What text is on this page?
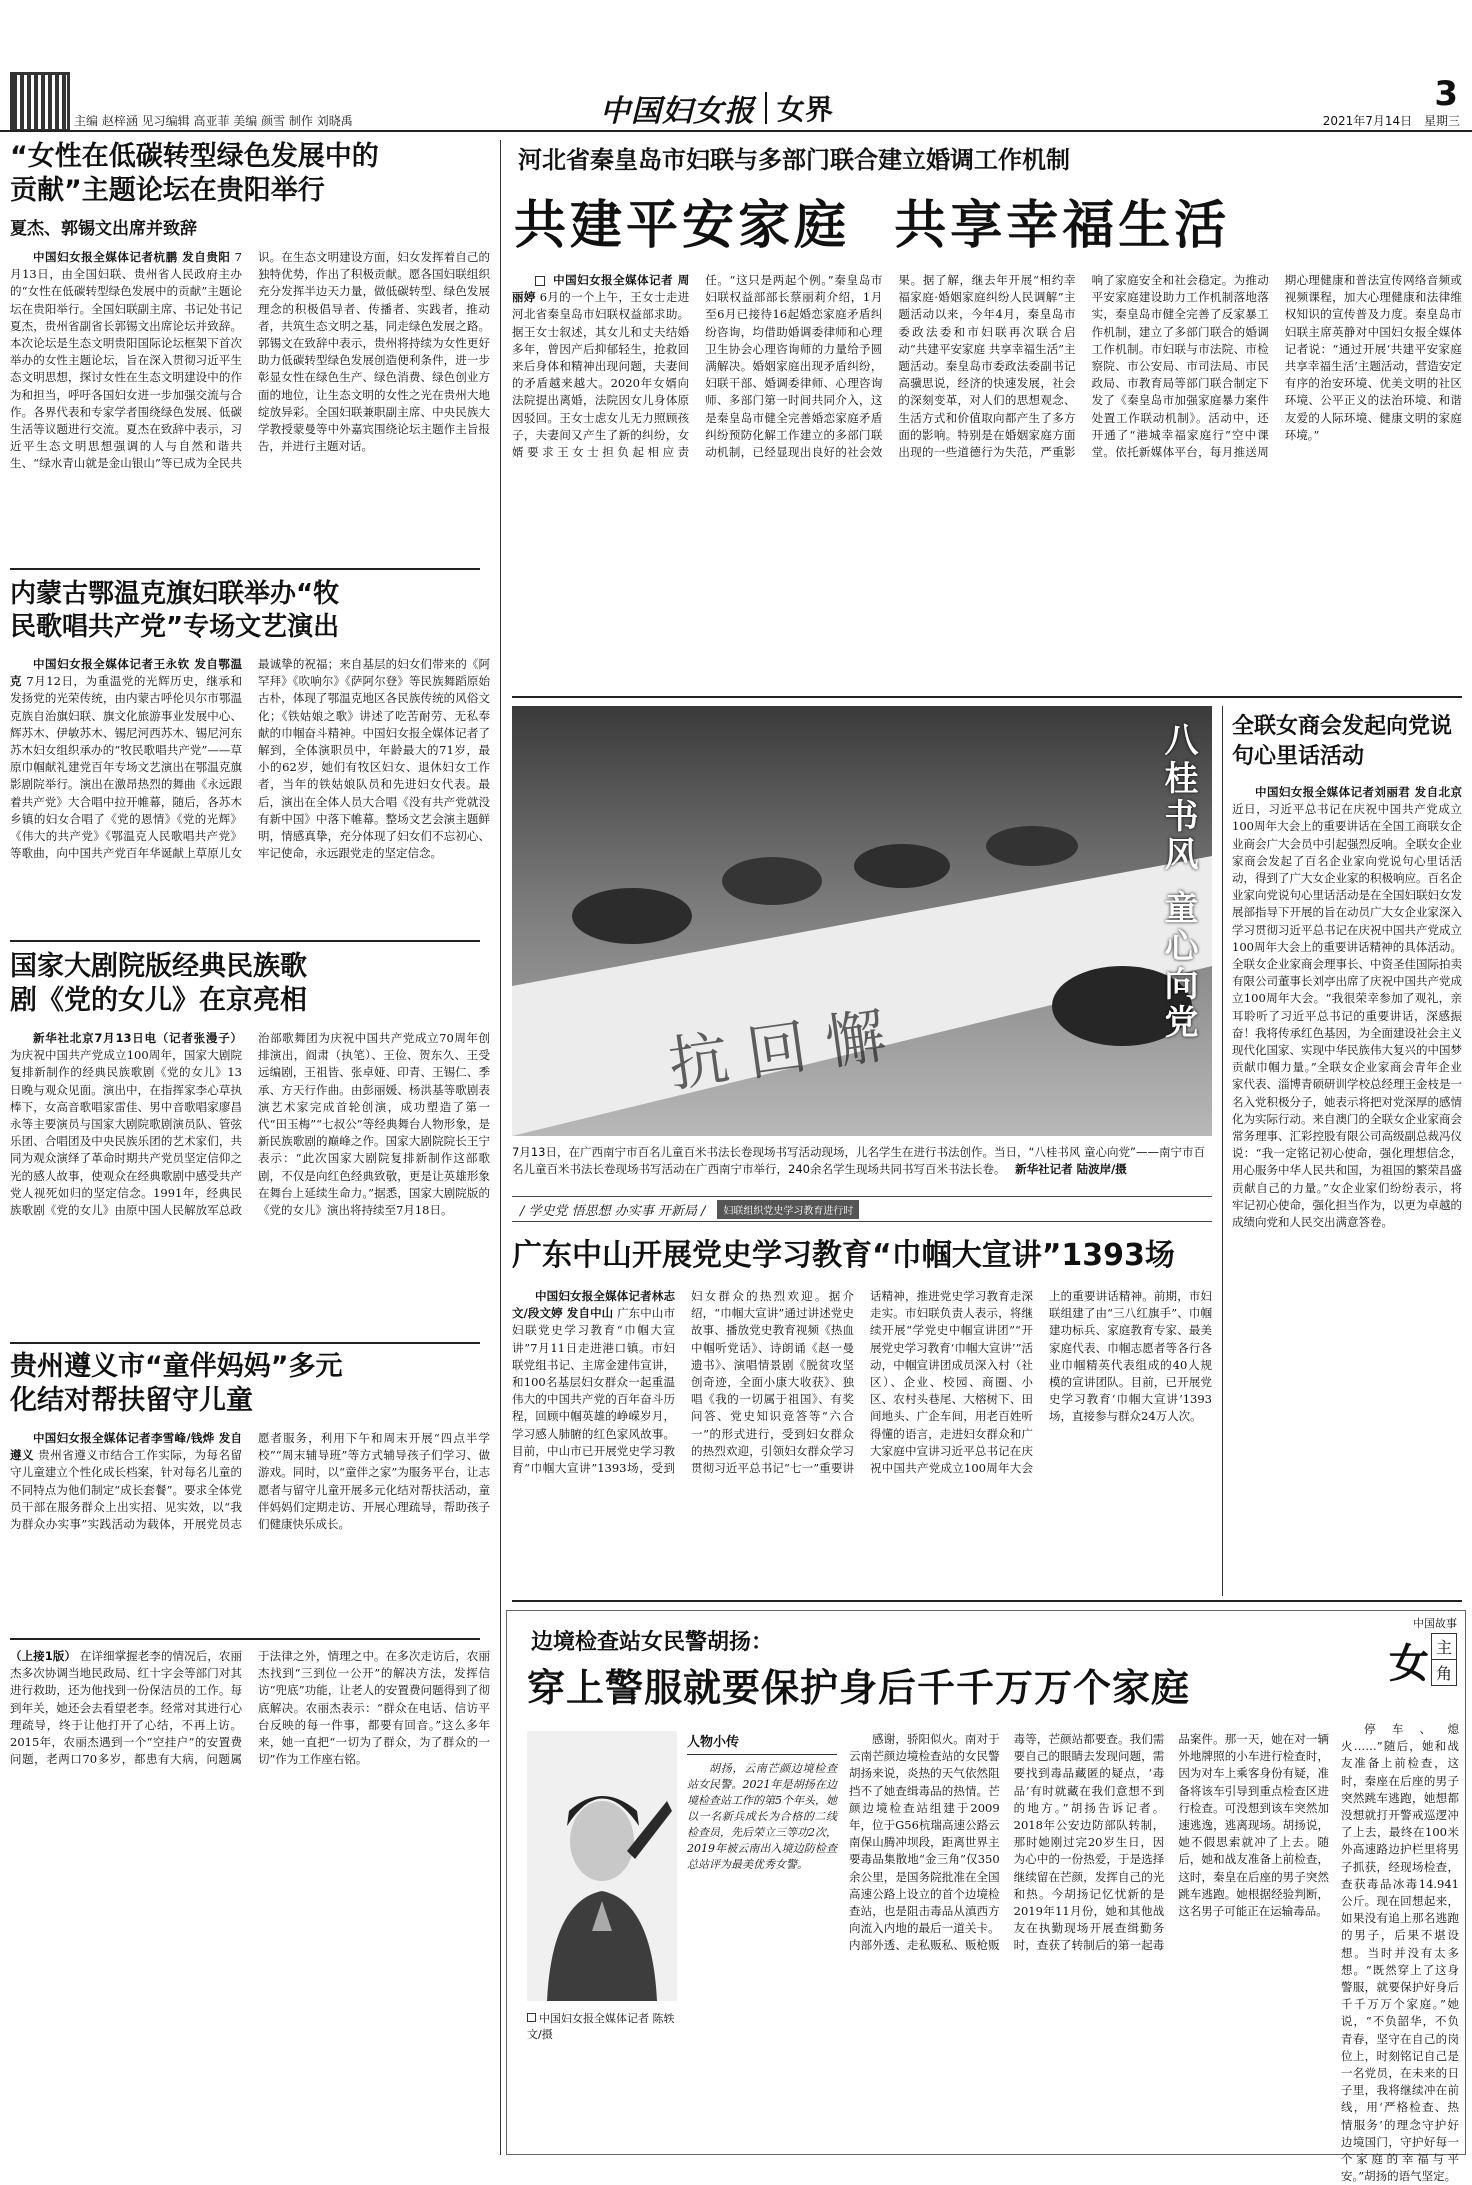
主编 赵梓涵 见习编辑 高亚菲 美编 颜雪 制作 刘晓禹	中国妇女报 女界	3
2021年7月14日 星期三
“女性在低碳转型绿色发展中的贡献”主题论坛在贵阳举行
夏杰、郭锡文出席并致辞
中国妇女报全媒体记者杭鹏 发自贵阳 7月13日，由全国妇联、贵州省人民政府主办的“女性在低碳转型绿色发展中的贡献”主题论坛在贵阳举行。全国妇联副主席、书记处书记夏杰，贵州省副省长郭锡文出席论坛并致辞。本次论坛是生态文明贵阳国际论坛框架下首次举办的女性主题论坛，旨在深入贯彻习近平生态文明思想，探讨女性在生态文明建设中的作为和担当，呼吁各国妇女进一步加强交流与合作。各界代表和专家学者围绕绿色发展、低碳生活等议题进行交流。夏杰在致辞中表示，习近平生态文明思想强调的人与自然和谐共生、“绿水青山就是金山银山”等已成为全民共识。在生态文明建设方面，妇女发挥着自己的独特优势，作出了积极贡献。愿各国妇联组织充分发挥半边天力量，做低碳转型、绿色发展理念的积极倡导者、传播者、实践者，推动者，共筑生态文明之基，同走绿色发展之路。郭锡文在致辞中表示，贵州将持续为女性更好助力低碳转型绿色发展创造便利条件，进一步彰显女性在绿色生产、绿色消费、绿色创业方面的地位，让生态文明的女性之光在贵州大地绽放异彩。全国妇联兼职副主席、中央民族大学教授蒙曼等中外嘉宾围绕论坛主题作主旨报告，并进行主题对话。
内蒙古鄂温克旗妇联举办“牧民歌唱共产党”专场文艺演出
中国妇女报全媒体记者王永钦 发自鄂温克 7月12日，为重温党的光辉历史，继承和发扬党的光荣传统，由内蒙古呼伦贝尔市鄂温克族自治旗妇联、旗文化旅游事业发展中心、辉苏木、伊敏苏木、锡尼河西苏木、锡尼河东苏木妇女组织承办的“牧民歌唱共产党”——草原巾帼献礼建党百年专场文艺演出在鄂温克旗影剧院举行。演出在激昂热烈的舞曲《永远跟着共产党》大合唱中拉开帷幕，随后，各苏木乡镇的妇女合唱了《党的恩情》《党的光辉》《伟大的共产党》《鄂温克人民歌唱共产党》等歌曲，向中国共产党百年华诞献上草原儿女最诚挚的祝福；来自基层的妇女们带来的《阿罕拜》《吹响尔》《萨阿尔登》等民族舞蹈原始古朴，体现了鄂温克地区各民族传统的风俗文化；《铁姑娘之歌》讲述了吃苦耐劳、无私奉献的巾帼奋斗精神。中国妇女报全媒体记者了解到，全体演职员中，年龄最大的71岁，最小的62岁，她们有牧区妇女、退休妇女工作者，当年的铁姑娘队员和先进妇女代表。最后，演出在全体人员大合唱《没有共产党就没有新中国》中落下帷幕。整场文艺会演主题鲜明，情感真挚，充分体现了妇女们不忘初心、牢记使命，永远跟党走的坚定信念。
国家大剧院版经典民族歌剧《党的女儿》在京亮相
新华社北京7月13日电（记者张漫子） 为庆祝中国共产党成立100周年，国家大剧院复排新制作的经典民族歌剧《党的女儿》13日晚与观众见面。演出中，在指挥家李心草执棒下，女高音歌唱家雷佳、男中音歌唱家廖昌永等主要演员与国家大剧院歌剧演员队、管弦乐团、合唱团及中央民族乐团的艺术家们，共同为观众演绎了革命时期共产党员坚定信仰之光的感人故事，使观众在经典歌剧中感受共产党人视死如归的坚定信念。1991年，经典民族歌剧《党的女儿》由原中国人民解放军总政治部歌舞团为庆祝中国共产党成立70周年创排演出，阎肃（执笔）、王俭、贺东久、王受远编剧，王祖皆、张卓娅、印青、王锡仁、季承、方天行作曲。由彭丽媛、杨洪基等歌剧表演艺术家完成首轮创演，成功塑造了第一代“田玉梅”“七叔公”等经典舞台人物形象，是新民族歌剧的巅峰之作。国家大剧院院长王宁表示：“此次国家大剧院复排新制作这部歌剧，不仅是向红色经典致敬，更是让英雄形象在舞台上延续生命力。”据悉，国家大剧院版的《党的女儿》演出将持续至7月18日。
贵州遵义市“童伴妈妈”多元化结对帮扶留守儿童
中国妇女报全媒体记者李雪峰/钱烨 发自遵义 贵州省遵义市结合工作实际，为每名留守儿童建立个性化成长档案，针对每名儿童的不同特点为他们制定“成长套餐”。要求全体党员干部在服务群众上出实招、见实效，以“我为群众办实事”实践活动为载体，开展党员志愿者服务，利用下午和周末开展“四点半学校”“周末辅导班”等方式辅导孩子们学习、做游戏。同时，以“童伴之家”为服务平台，让志愿者与留守儿童开展多元化结对帮扶活动，童伴妈妈们定期走访、开展心理疏导，帮助孩子们健康快乐成长。
（上接1版） 在详细掌握老李的情况后，农丽杰多次协调当地民政局、红十字会等部门对其进行救助，还为他找到一份保洁员的工作。每到年关，她还会去看望老李。经常对其进行心理疏导，终于让他打开了心结，不再上访。2015年，农丽杰遇到一个“空挂户”的安置费问题，老两口70多岁，都患有大病，问题属于法律之外，情理之中。在多次走访后，农丽杰找到“三到位一公开”的解决方法，发挥信访“兜底”功能，让老人的安置费问题得到了彻底解决。农丽杰表示：“群众在电话、信访平台反映的每一件事，都要有回音。”这么多年来，她一直把“一切为了群众，为了群众的一切”作为工作座右铭。
河北省秦皇岛市妇联与多部门联合建立婚调工作机制
共建平安家庭  共享幸福生活
中国妇女报全媒体记者 周丽婷 6月的一个上午，王女士走进河北省秦皇岛市妇联权益部求助。据王女士叙述，其女儿和丈夫结婚多年，曾因产后抑郁轻生，抢救回来后身体和精神出现问题，夫妻间的矛盾越来越大。2020年女婿向法院提出离婚，法院因女儿身体原因驳回。王女士虑女儿无力照顾孩子，夫妻间又产生了新的纠纷，女婿要求王女士担负起相应责任。“这只是两起个例。”秦皇岛市妇联权益部部长蔡丽莉介绍，1月至6月已接待16起婚恋家庭矛盾纠纷咨询，均借助婚调委律师和心理卫生协会心理咨询师的力量给予圆满解决。婚姻家庭出现矛盾纠纷，妇联干部、婚调委律师、心理咨询师、多部门第一时间共同介入，这是秦皇岛市健全完善婚恋家庭矛盾纠纷预防化解工作建立的多部门联动机制，已经显现出良好的社会效果。据了解，继去年开展“相约幸福家庭·婚姻家庭纠纷人民调解”主题活动以来，今年4月，秦皇岛市委政法委和市妇联再次联合启动“共建平安家庭 共享幸福生活”主题活动。秦皇岛市委政法委副书记高骥思说，经济的快速发展，社会的深刻变革，对人们的思想观念、生活方式和价值取向都产生了多方面的影响。特别是在婚姻家庭方面出现的一些道德行为失范，严重影响了家庭安全和社会稳定。为推动平安家庭建设助力工作机制落地落实，秦皇岛市健全完善了反家暴工作机制，建立了多部门联合的婚调工作机制。市妇联与市法院、市检察院、市公安局、市司法局、市民政局、市教育局等部门联合制定下发了《秦皇岛市加强家庭暴力案件处置工作联动机制》。活动中，还开通了“港城幸福家庭行”空中课堂。依托新媒体平台，每月推送周期心理健康和普法宣传网络音频或视频课程，加大心理健康和法律维权知识的宣传普及力度。秦皇岛市妇联主席英静对中国妇女报全媒体记者说：“通过开展‘共建平安家庭 共享幸福生活’主题活动，营造安定有序的治安环境、优美文明的社区环境、公平正义的法治环境、和谐友爱的人际环境、健康文明的家庭环境。”
抗 回 懈
八桂书风 童心向党
7月13日，在广西南宁市百名儿童百米书法长卷现场书写活动现场，儿名学生在进行书法创作。当日，“八桂书风 童心向党”——南宁市百名儿童百米书法长卷现场书写活动在广西南宁市举行，240余名学生现场共同书写百米书法长卷。 新华社记者 陆波岸/摄
全联女商会发起向党说句心里话活动
中国妇女报全媒体记者刘丽君 发自北京 近日，习近平总书记在庆祝中国共产党成立100周年大会上的重要讲话在全国工商联女企业商会广大会员中引起强烈反响。全联女企业家商会发起了百名企业家向党说句心里话活动，得到了广大女企业家的积极响应。百名企业家向党说句心里话活动是在全国妇联妇女发展部指导下开展的旨在动员广大女企业家深入学习贯彻习近平总书记在庆祝中国共产党成立100周年大会上的重要讲话精神的具体活动。全联女企业家商会理事长、中资圣佳国际拍卖有限公司董事长刘亭出席了庆祝中国共产党成立100周年大会。“我很荣幸参加了观礼，亲耳聆听了习近平总书记的重要讲话，深感振奋！我将传承红色基因，为全面建设社会主义现代化国家、实现中华民族伟大复兴的中国梦贡献巾帼力量。”全联女企业家商会青年企业家代表、淄博青硕研训学校总经理王金枝是一名入党积极分子，她表示将把对党深厚的感情化为实际行动。来自澳门的全联女企业家商会常务理事、汇彩控股有限公司高级副总裁冯仪说：“我一定铭记初心使命，强化理想信念，用心服务中华人民共和国，为祖国的繁荣昌盛贡献自己的力量。”女企业家们纷纷表示，将牢记初心使命，强化担当作为，以更为卓越的成绩向党和人民交出满意答卷。
/ 学史党 悟思想 办实事 开新局 /	妇联组织党史学习教育进行时
广东中山开展党史学习教育“巾帼大宣讲”1393场
中国妇女报全媒体记者林志文/段文婷 发自中山 广东中山市妇联党史学习教育“巾帼大宣讲”7月11日走进港口镇。市妇联党组书记、主席金建伟宣讲，和100名基层妇女群众一起重温伟大的中国共产党的百年奋斗历程，回顾中帼英雄的峥嵘岁月，学习感人肺腑的红色家风故事。目前，中山市已开展党史学习教育“巾帼大宣讲”1393场，受到妇女群众的热烈欢迎。据介绍，“巾帼大宣讲”通过讲述党史故事、播放党史教育视频《热血中帼听党话》、诗朗诵《赵一曼遗书》、演唱情景剧《脱贫攻坚创奇迹，全面小康大收获》、独唱《我的一切属于祖国》、有奖问答、党史知识竞答等“六合一”的形式进行，受到妇女群众的热烈欢迎，引领妇女群众学习贯彻习近平总书记“七一”重要讲话精神，推进党史学习教育走深走实。市妇联负责人表示，将继续开展“学党史中帼宣讲团”“开展党史学习教育‘巾帼大宣讲’”活动，中帼宣讲团成员深入村（社区）、企业、校园、商圈、小区、农村头巷尾、大榕树下、田间地头、广企车间，用老百姓听得懂的语言，走进妇女群众和广大家庭中宣讲习近平总书记在庆祝中国共产党成立100周年大会上的重要讲话精神。前期，市妇联组建了由“三八红旗手”、巾帼建功标兵、家庭教育专家、最美家庭代表、巾帼志愿者等各行各业巾帼精英代表组成的40人规模的宣讲团队。目前，已开展党史学习教育‘巾帼大宣讲’1393场，直接参与群众24万人次。
中国故事
女 主
角
边境检查站女民警胡扬：
穿上警服就要保护身后千千万万个家庭
中国妇女报全媒体记者 陈轶 文/摄
人物小传
胡扬，云南芒颜边境检查站女民警。2021年是胡扬在边境检查站工作的第5个年头，她以一名新兵成长为合格的二线检查员，先后荣立三等功2次，2019年被云南出入境边防检查总站评为最美优秀女警。
感谢，骄阳似火。南对于云南芒颜边境检查站的女民警胡扬来说，炎热的天气依然阻挡不了她查缉毒品的热情。芒颜边境检查站组建于2009年，位于G56杭瑞高速公路云南保山腾冲坝段，距离世界主要毒品集散地“金三角”仅350余公里，是国务院批准在全国高速公路上设立的首个边境检查站，也是阻击毒品从滇西方向流入内地的最后一道关卡。内部外透、走私贩私、贩枪贩毒等，芒颜站都要查。我们需要自己的眼睛去发现问题，需要找到毒品藏匿的疑点，‘毒品’有时就藏在我们意想不到的地方。”胡扬告诉记者。2018年公安边防部队转制，那时她刚过完20岁生日，因为心中的一份热爱，于是选择继续留在芒颜，发挥自己的光和热。今胡扬记忆忧新的是2019年11月份，她和其他战友在执勤现场开展查缉勤务时，查获了转制后的第一起毒品案件。那一天，她在对一辆外地牌照的小车进行检查时，因为对车上乘客身份有疑，准备将该车引导到重点检查区进行检查。可没想到该车突然加速逃逸，逃离现场。胡扬说，她不假思索就冲了上去。随后，她和战友准备上前检查，这时，秦皇在后座的男子突然跳车逃跑。她根据经验判断，这名男子可能正在运输毒品。
停车、熄火……”随后，她和战友准备上前检查，这时，秦座在后座的男子突然跳车逃跑，她想都没想就打开警戒巡逻冲了上去，最终在100米外高速路边护栏里将男子抓获，经现场检查，查获毒品冰毒14.941公斤。现在回想起来，如果没有追上那名逃跑的男子，后果不堪设想。当时并没有太多想。“既然穿上了这身警服，就要保护好身后千千万万个家庭。”她说，“不负韶华，不负青春，坚守在自己的岗位上，时刻铭记自己是一名党员，在未来的日子里，我将继续冲在前线，用‘严格检查、热情服务’的理念守护好边境国门，守护好每一个家庭的幸福与平安。”胡扬的语气坚定。
